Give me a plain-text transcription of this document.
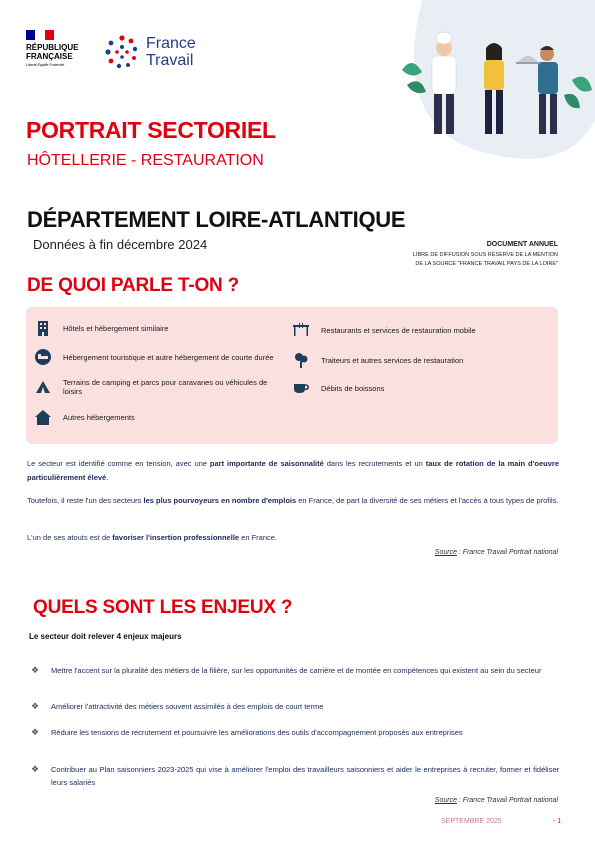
RÉPUBLIQUE
FRANÇAISE
Liberté Égalité Fraternité
France
Travail
PORTRAIT SECTORIEL
HÔTELLERIE - RESTAURATION
DÉPARTEMENT LOIRE-ATLANTIQUE
Données à fin décembre 2024	DOCUMENT ANNUEL
LIBRE DE DIFFUSION SOUS RÉSERVE DE LA MENTION
DE LA SOURCE "FRANCE TRAVAIL PAYS DE LA LOIRE"
DE QUOI PARLE T-ON ?
Hôtels et hébergement similaire
Hébergement touristique et autre hébergement de courte durée
Terrains de camping et parcs pour caravanes ou véhicules de loisirs
Autres hébergements
Restaurants et services de restauration mobile
Traiteurs et autres services de restauration
Débits de boissons
Le secteur est identifié comme en tension, avec une part importante de saisonnalité dans les recrutements et un taux de rotation de la main d'oeuvre particulièrement élevé.
Toutefois, il reste l'un des secteurs les plus pourvoyeurs en nombre d'emplois en France, de part la diversité de ses métiers et l'accès à tous types de profils.
L'un de ses atouts est de favoriser l'insertion professionnelle en France.
Source : France Travail Portrait national
QUELS SONT LES ENJEUX ?
Le secteur doit relever 4 enjeux majeurs
❖	Mettre l'accent sur la pluralité des métiers de la filière, sur les opportunités de carrière et de montée en compétences qui existent au sein du secteur
❖	Améliorer l'attractivité des métiers souvent assimilés à des emplois de court terme
❖	Réduire les tensions de recrutement et poursuivre les améliorations des outils d'accompagnement proposés aux entreprises
❖	Contribuer au Plan saisonniers 2023-2025 qui vise à améliorer l'emploi des travailleurs saisonniers et aider le entreprises à recruter, former et fidéliser leurs salariés
Source : France Travail Portrait national
SEPTEMBRE 2025	- 1
